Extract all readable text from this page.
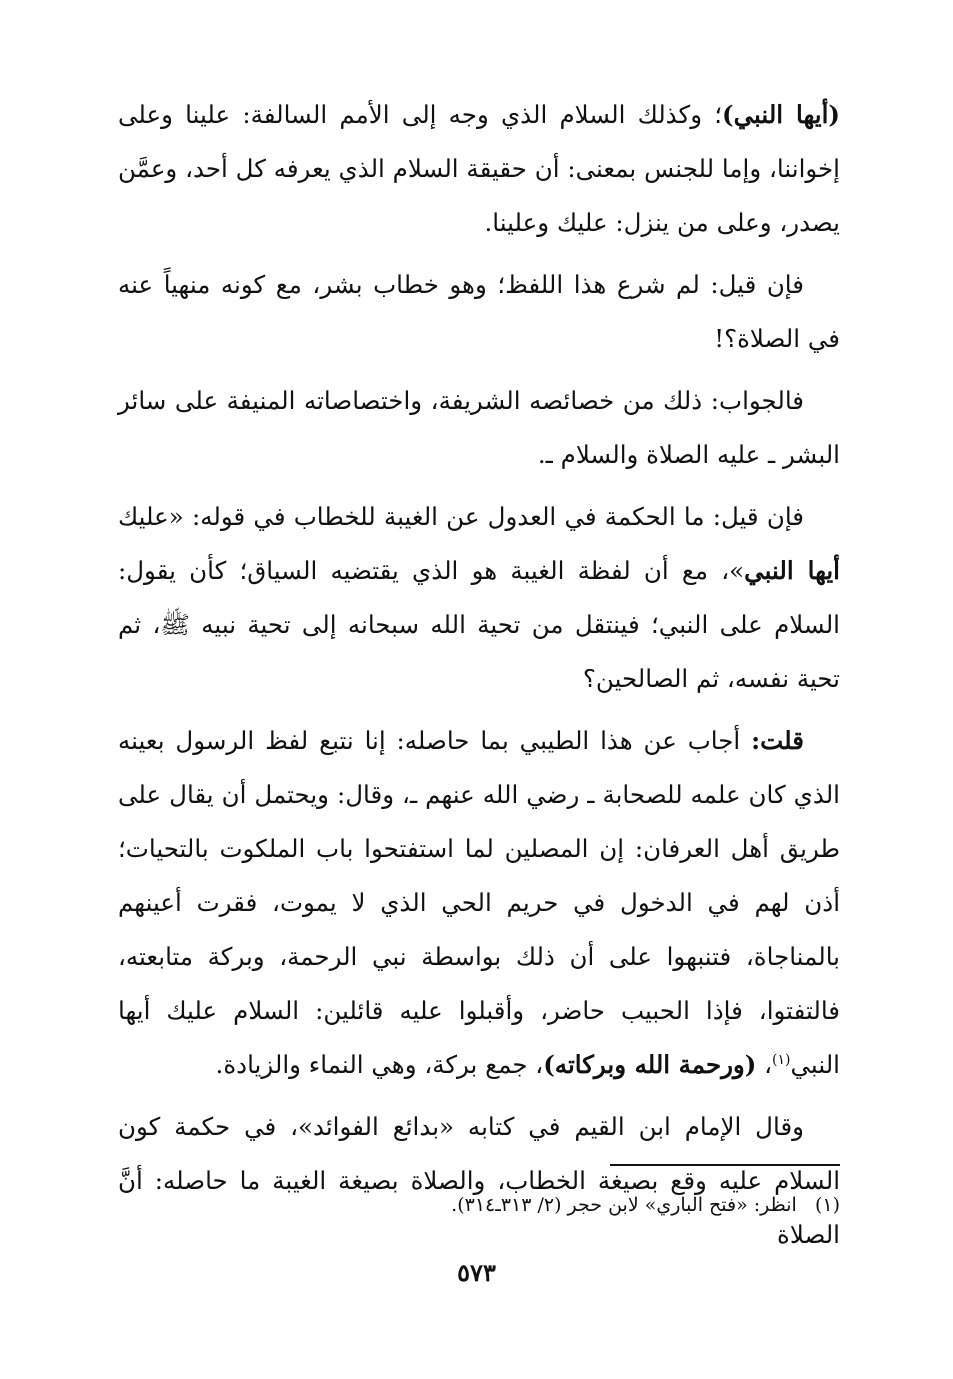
(أيها النبي)؛ وكذلك السلام الذي وجه إلى الأمم السالفة: علينا وعلى إخواننا، وإما للجنس بمعنى: أن حقيقة السلام الذي يعرفه كل أحد، وعمَّن يصدر، وعلى من ينزل: عليك وعلينا.

فإن قيل: لم شرع هذا اللفظ؛ وهو خطاب بشر، مع كونه منهياً عنه في الصلاة؟!

فالجواب: ذلك من خصائصه الشريفة، واختصاصاته المنيفة على سائر البشر ـ عليه الصلاة والسلام ـ.

فإن قيل: ما الحكمة في العدول عن الغيبة للخطاب في قوله: «عليك أيها النبي»، مع أن لفظة الغيبة هو الذي يقتضيه السياق؛ كأن يقول: السلام على النبي؛ فينتقل من تحية الله سبحانه إلى تحية نبيه ﷺ، ثم تحية نفسه، ثم الصالحين؟

قلت: أجاب عن هذا الطيبي بما حاصله: إنا نتبع لفظ الرسول بعينه الذي كان علمه للصحابة ـ رضي الله عنهم ـ، وقال: ويحتمل أن يقال على طريق أهل العرفان: إن المصلين لما استفتحوا باب الملكوت بالتحيات؛ أذن لهم في الدخول في حريم الحي الذي لا يموت، فقرت أعينهم بالمناجاة، فتنبهوا على أن ذلك بواسطة نبي الرحمة، وبركة متابعته، فالتفتوا، فإذا الحبيب حاضر، وأقبلوا عليه قائلين: السلام عليك أيها النبي$^{(١)}$، (ورحمة الله وبركاته)، جمع بركة، وهي النماء والزيادة.

وقال الإمام ابن القيم في كتابه «بدائع الفوائد»، في حكمة كون السلام عليه وقع بصيغة الخطاب، والصلاة بصيغة الغيبة ما حاصله: أنَّ الصلاة

(١)   انظر: «فتح الباري» لابن حجر (٢/ ٣١٣ـ٣١٤).
٥٧٣
